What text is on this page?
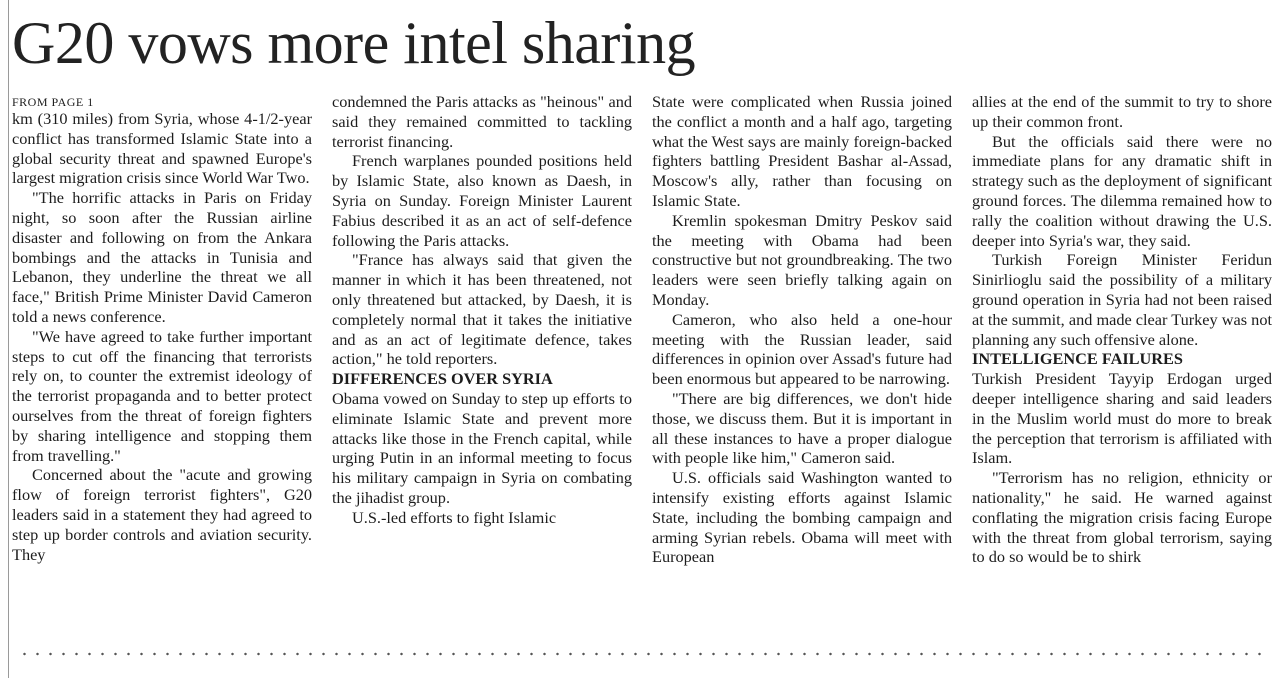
G20 vows more intel sharing
FROM PAGE 1

km (310 miles) from Syria, whose 4-1/2-year conflict has transformed Islamic State into a global security threat and spawned Europe's largest migration crisis since World War Two.

"The horrific attacks in Paris on Friday night, so soon after the Russian airline disaster and following on from the Ankara bombings and the attacks in Tunisia and Lebanon, they underline the threat we all face," British Prime Minister David Cameron told a news conference.

"We have agreed to take further important steps to cut off the financing that terrorists rely on, to counter the extremist ideology of the terrorist propaganda and to better protect ourselves from the threat of foreign fighters by sharing intelligence and stopping them from travelling."

Concerned about the "acute and growing flow of foreign terrorist fighters", G20 leaders said in a statement they had agreed to step up border controls and aviation security. They

condemned the Paris attacks as "heinous" and said they remained committed to tackling terrorist financing.

French warplanes pounded positions held by Islamic State, also known as Daesh, in Syria on Sunday. Foreign Minister Laurent Fabius described it as an act of self-defence following the Paris attacks.

"France has always said that given the manner in which it has been threatened, not only threatened but attacked, by Daesh, it is completely normal that it takes the initiative and as an act of legitimate defence, takes action," he told reporters.

DIFFERENCES OVER SYRIA

Obama vowed on Sunday to step up efforts to eliminate Islamic State and prevent more attacks like those in the French capital, while urging Putin in an informal meeting to focus his military campaign in Syria on combating the jihadist group.

U.S.-led efforts to fight Islamic

State were complicated when Russia joined the conflict a month and a half ago, targeting what the West says are mainly foreign-backed fighters battling President Bashar al-Assad, Moscow's ally, rather than focusing on Islamic State.

Kremlin spokesman Dmitry Peskov said the meeting with Obama had been constructive but not groundbreaking. The two leaders were seen briefly talking again on Monday.

Cameron, who also held a one-hour meeting with the Russian leader, said differences in opinion over Assad's future had been enormous but appeared to be narrowing.

"There are big differences, we don't hide those, we discuss them. But it is important in all these instances to have a proper dialogue with people like him," Cameron said.

U.S. officials said Washington wanted to intensify existing efforts against Islamic State, including the bombing campaign and arming Syrian rebels. Obama will meet with European

allies at the end of the summit to try to shore up their common front.

But the officials said there were no immediate plans for any dramatic shift in strategy such as the deployment of significant ground forces. The dilemma remained how to rally the coalition without drawing the U.S. deeper into Syria's war, they said.

Turkish Foreign Minister Feridun Sinirlioglu said the possibility of a military ground operation in Syria had not been raised at the summit, and made clear Turkey was not planning any such offensive alone.

INTELLIGENCE FAILURES

Turkish President Tayyip Erdogan urged deeper intelligence sharing and said leaders in the Muslim world must do more to break the perception that terrorism is affiliated with Islam.

"Terrorism has no religion, ethnicity or nationality," he said. He warned against conflating the migration crisis facing Europe with the threat from global terrorism, saying to do so would be to shirk
